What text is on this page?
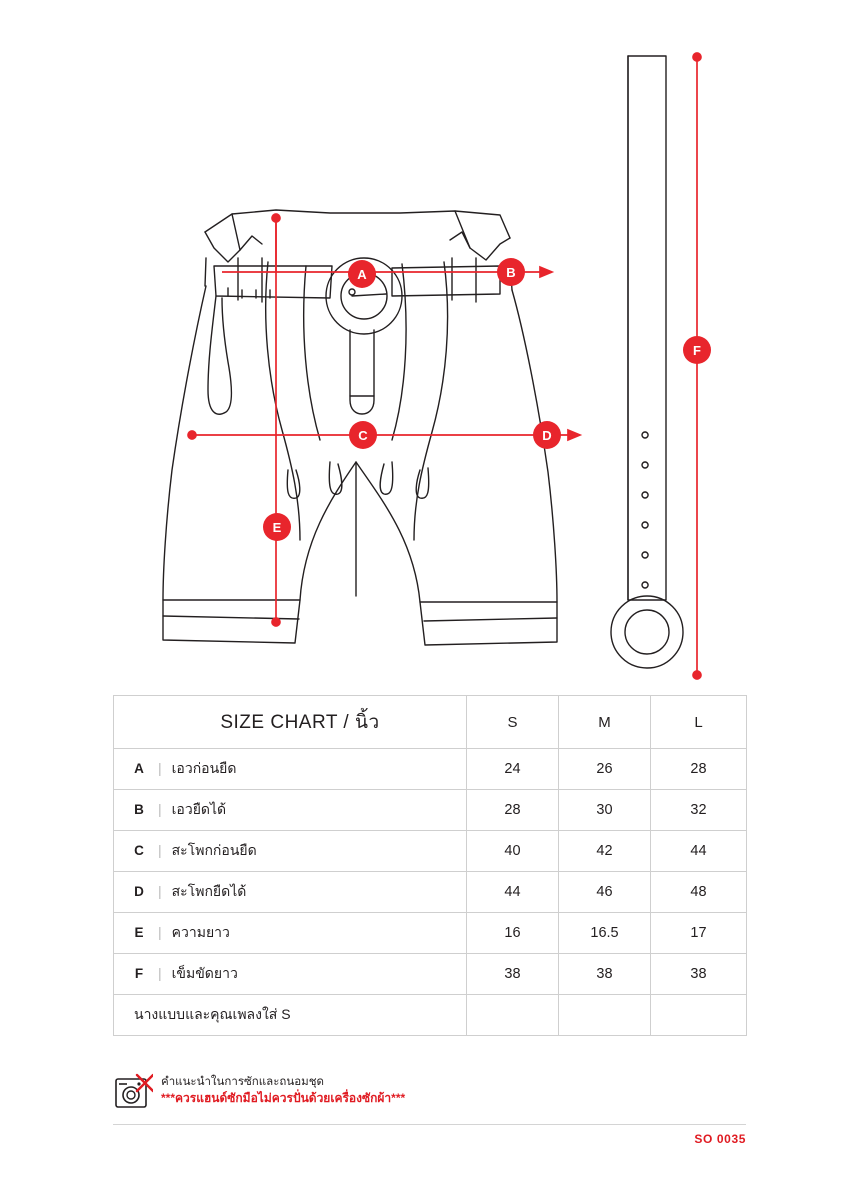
A	B
C	D
E
F
SIZE CHART / นิ้ว	S	M	L
A | เอวก่อนยืด	24	26	28
B | เอวยืดได้	28	30	32
C | สะโพกก่อนยืด	40	42	44
D | สะโพกยืดได้	44	46	48
E | ความยาว	16	16.5	17
F | เข็มขัดยาว	38	38	38
นางแบบและคุณเพลงใส่ S			
คำแนะนำในการซักและถนอมชุด
***ควรแฮนด์ซักมือไม่ควรปั่นด้วยเครื่องซักผ้า***
SO 0035
